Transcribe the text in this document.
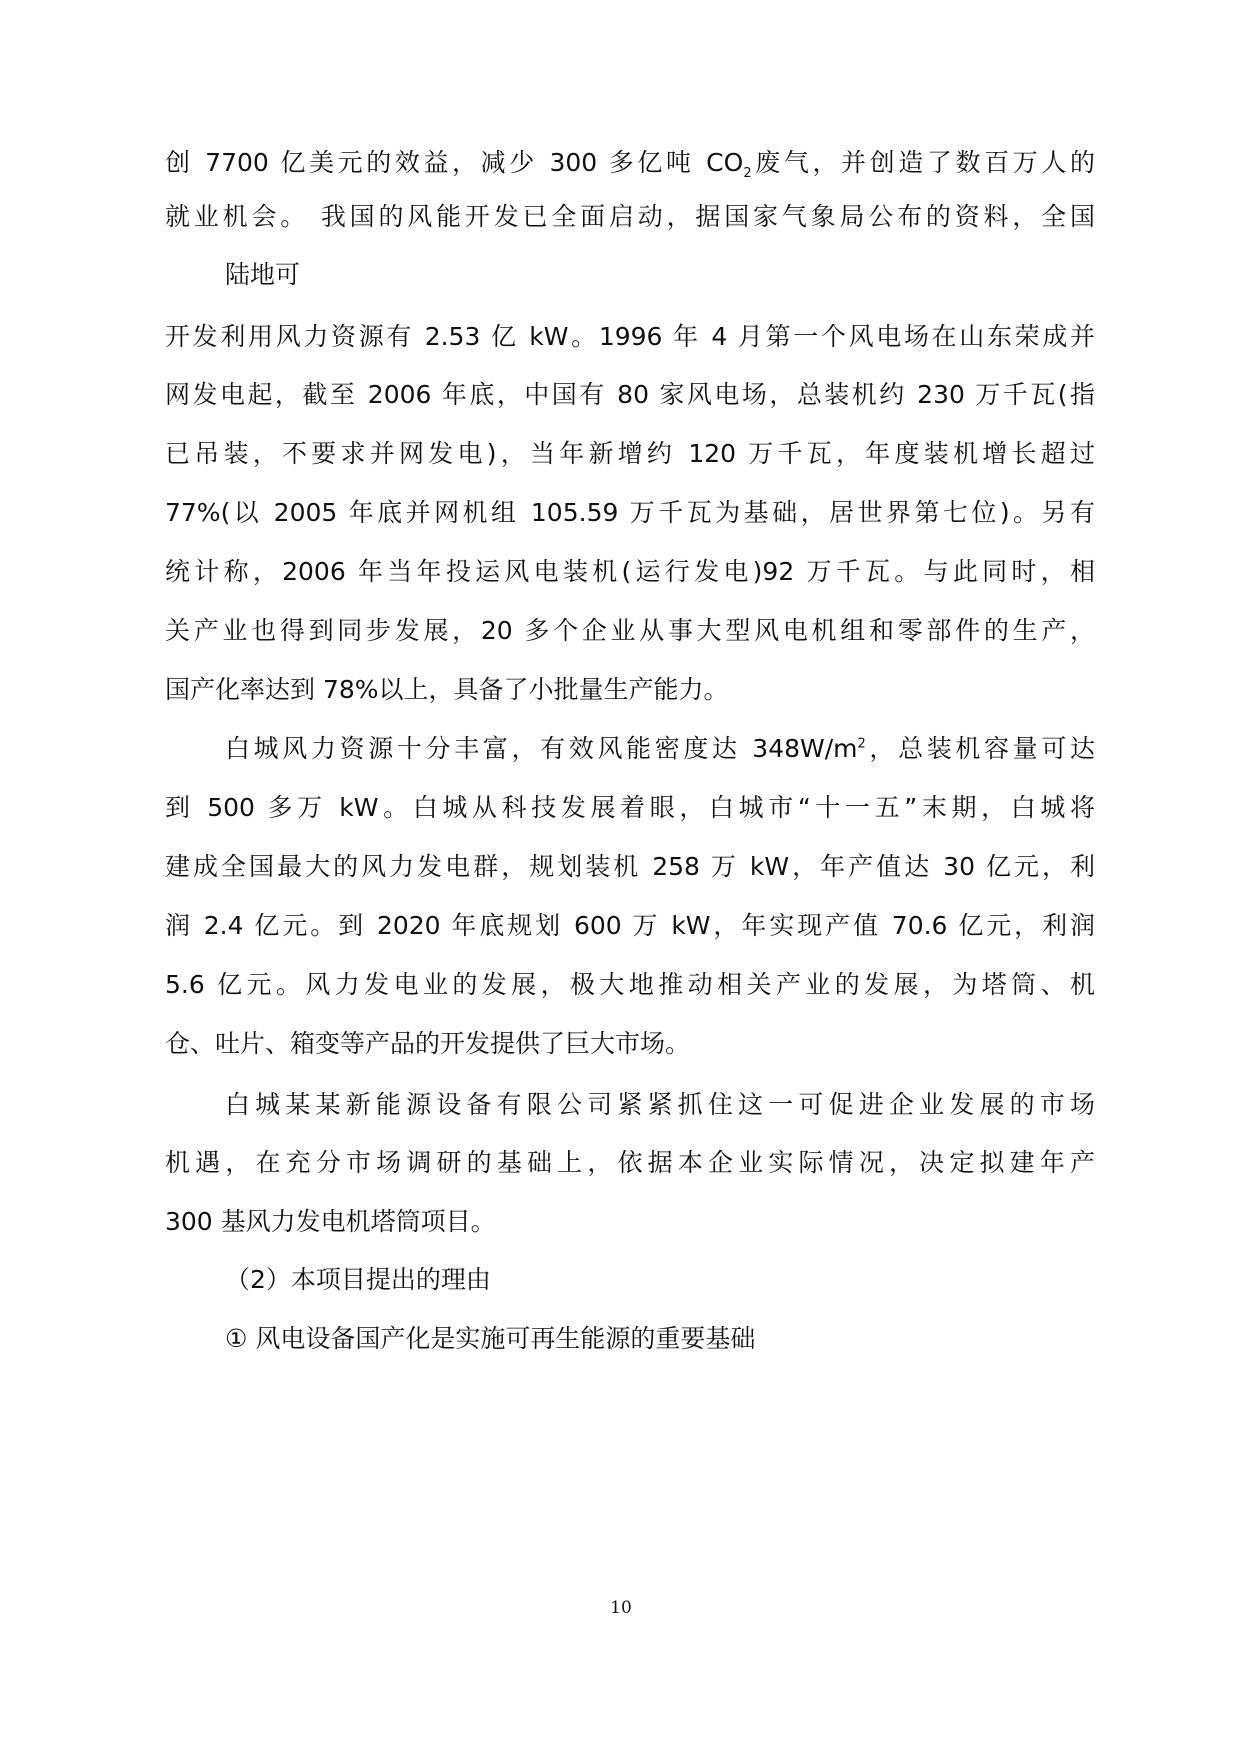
创 7700 亿美元的效益，减少 300 多亿吨 $CO_2$废气，并创造了数百万人的
就业机会。 我国的风能开发已全面启动，据国家气象局公布的资料，全国
陆地可
开发利用风力资源有 2.53 亿 kW。1996 年 4 月第一个风电场在山东荣成并
网发电起，截至 2006 年底，中国有 80 家风电场，总装机约 230 万千瓦(指
已吊装，不要求并网发电)，当年新增约 120 万千瓦，年度装机增长超过
77%(以 2005 年底并网机组 105.59 万千瓦为基础，居世界第七位)。另有
统计称，2006 年当年投运风电装机(运行发电)92 万千瓦。与此同时，相
关产业也得到同步发展，20 多个企业从事大型风电机组和零部件的生产，
国产化率达到 78%以上，具备了小批量生产能力。
白城风力资源十分丰富，有效风能密度达 $348W/m^2$，总装机容量可达
到 500 多万 kW。白城从科技发展着眼，白城市“十一五”末期，白城将
建成全国最大的风力发电群，规划装机 258 万 kW，年产值达 30 亿元，利
润 2.4 亿元。到 2020 年底规划 600 万 kW，年实现产值 70.6 亿元，利润
5.6 亿元。风力发电业的发展，极大地推动相关产业的发展，为塔筒、机
仓、吐片、箱变等产品的开发提供了巨大市场。
白城某某新能源设备有限公司紧紧抓住这一可促进企业发展的市场
机遇，在充分市场调研的基础上，依据本企业实际情况，决定拟建年产
300 基风力发电机塔筒项目。
（2）本项目提出的理由
① 风电设备国产化是实施可再生能源的重要基础
10
